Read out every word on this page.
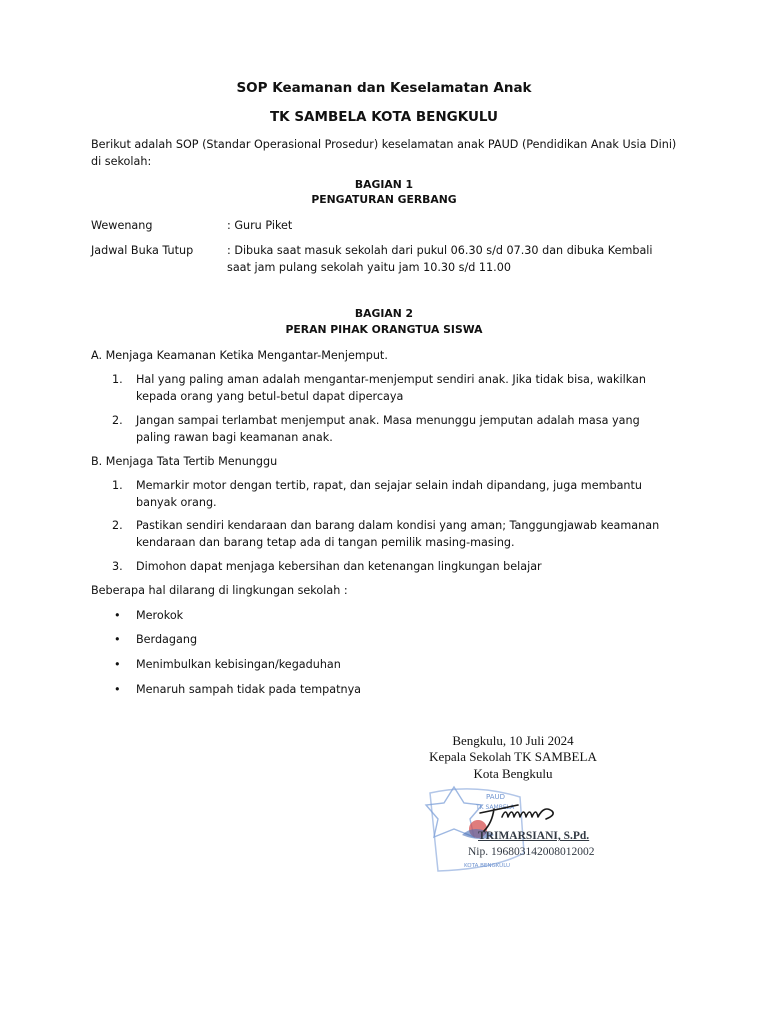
SOP Keamanan dan Keselamatan Anak
TK SAMBELA KOTA BENGKULU
Berikut adalah SOP (Standar Operasional Prosedur) keselamatan anak PAUD (Pendidikan Anak Usia Dini) di sekolah:
BAGIAN 1
PENGATURAN GERBANG
Wewenang	: Guru Piket
Jadwal Buka Tutup	: Dibuka saat masuk sekolah dari pukul 06.30 s/d 07.30 dan dibuka Kembali saat jam pulang sekolah yaitu jam 10.30 s/d 11.00
BAGIAN 2
PERAN PIHAK ORANGTUA SISWA
A. Menjaga Keamanan Ketika Mengantar-Menjemput.
1.	Hal yang paling aman adalah mengantar-menjemput sendiri anak. Jika tidak bisa, wakilkan kepada orang yang betul-betul dapat dipercaya
2.	Jangan sampai terlambat menjemput anak. Masa menunggu jemputan adalah masa yang paling rawan bagi keamanan anak.
B. Menjaga Tata Tertib Menunggu
1.	Memarkir motor dengan tertib, rapat, dan sejajar selain indah dipandang, juga membantu banyak orang.
2.	Pastikan sendiri kendaraan dan barang dalam kondisi yang aman; Tanggungjawab keamanan kendaraan dan barang tetap ada di tangan pemilik masing-masing.
3.	Dimohon dapat menjaga kebersihan dan ketenangan lingkungan belajar
Beberapa hal dilarang di lingkungan sekolah :
• Merokok
• Berdagang
• Menimbulkan kebisingan/kegaduhan
• Menaruh sampah tidak pada tempatnya
Bengkulu, 10 Juli 2024
Kepala Sekolah TK SAMBELA
Kota Bengkulu
PAUD
TK SAMBELA
KOTA BENGKULU
TRIMARSIANI, S.Pd.
Nip. 196803142008012002
